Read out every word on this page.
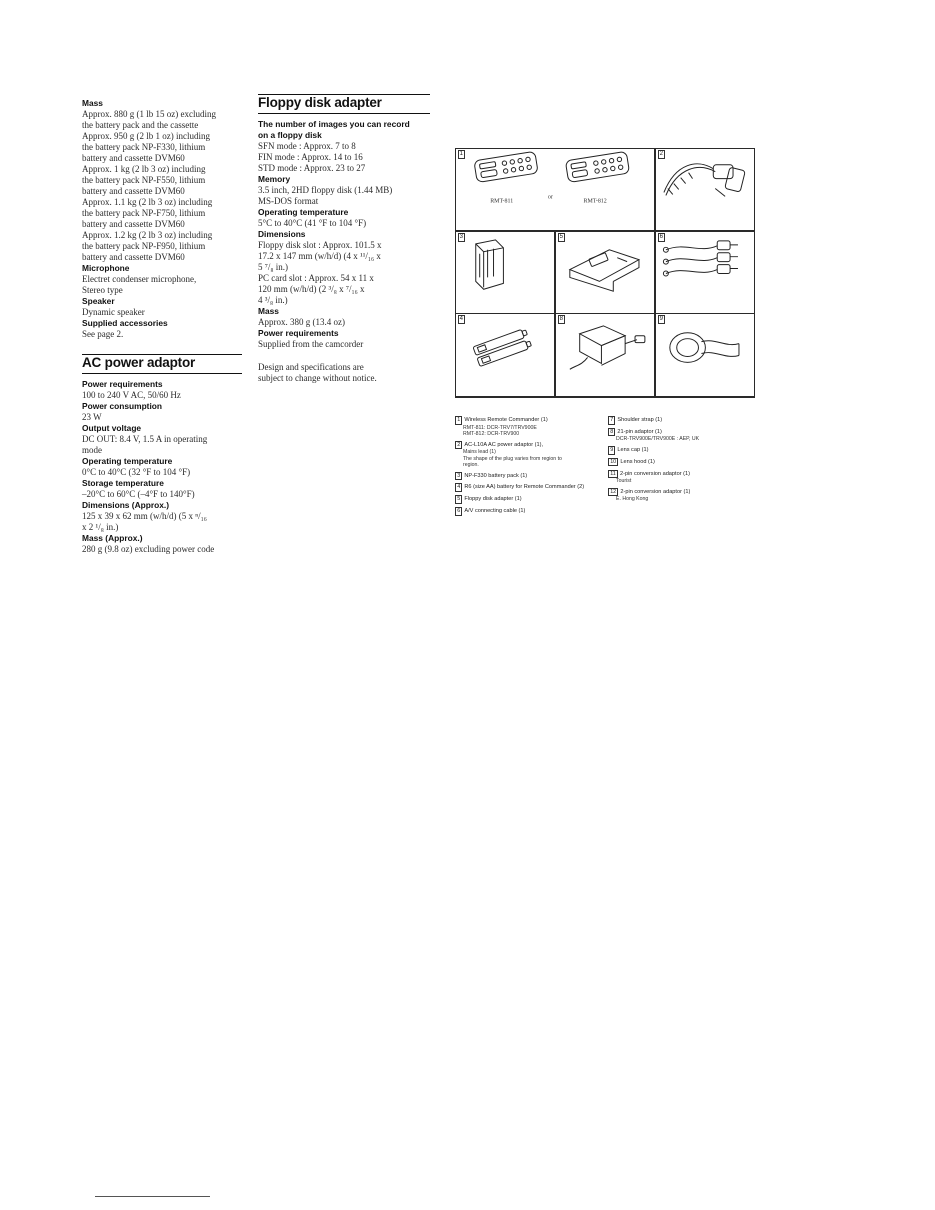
Mass
Approx. 880 g (1 lb 15 oz) excluding
the battery pack and the cassette
Approx. 950 g (2 lb 1 oz) including
the battery pack NP-F330, lithium
battery and cassette DVM60
Approx. 1 kg (2 lb 3 oz) including
the battery pack NP-F550, lithium
battery and cassette DVM60
Approx. 1.1 kg (2 lb 3 oz) including
the battery pack NP-F750, lithium
battery and cassette DVM60
Approx. 1.2 kg (2 lb 3 oz) including
the battery pack NP-F950, lithium
battery and cassette DVM60
Microphone
Electret condenser microphone,
Stereo type
Speaker
Dynamic speaker
Supplied accessories
See page 2.
AC power adaptor
Power requirements
100 to 240 V AC, 50/60 Hz
Power consumption
23 W
Output voltage
DC OUT: 8.4 V, 1.5 A in operating
mode
Operating temperature
0°C to 40°C (32 °F to 104 °F)
Storage temperature
–20°C to 60°C (–4°F to 140°F)
Dimensions (Approx.)
125 x 39 x 62 mm (w/h/d) (5 x ⁿ/₁₆
x 2 ¹/₈ in.)
Mass (Approx.)
280 g (9.8 oz) excluding power code
Floppy disk adapter
The number of images you can record on a floppy disk
SFN mode : Approx. 7 to 8
FIN mode : Approx. 14 to 16
STD mode : Approx. 23 to 27
Memory
3.5 inch, 2HD floppy disk (1.44 MB)
MS-DOS format
Operating temperature
5°C to 40°C (41 °F to 104 °F)
Dimensions
Floppy disk slot : Approx. 101.5 x
17.2 x 147 mm (w/h/d) (4 x ¹¹/₁₆ x
5 ⁷/₈ in.)
PC card slot : Approx. 54 x 11 x
120 mm (w/h/d) (2 ³/₈ x ⁷/₁₆ x
4 ³/₈ in.)
Mass
Approx. 380 g (13.4 oz)
Power requirements
Supplied from the camcorder
Design and specifications are
subject to change without notice.
1
RMT-811
or
RMT-812
2
3	5	6
4	8	9
1 Wireless Remote Commander (1)
RMT-811: DCR-TRV7/TRV900E
RMT-812: DCR-TRV900
2 AC-L10A AC power adaptor (1),
Mains lead (1)
The shape of the plug varies from region to
region.
3 NP-F330 battery pack (1)
4 R6 (size AA) battery for Remote Commander (2)
5 Floppy disk adapter (1)
6 A/V connecting cable (1)
7 Shoulder strap (1)
8 21-pin adaptor (1)
DCR-TRV900E/TRV900E : AEP, UK
9 Lens cap (1)
10 Lens hood (1)
11 2-pin conversion adaptor (1)
Tourist
12 2-pin conversion adaptor (1)
E. Hong Kong
